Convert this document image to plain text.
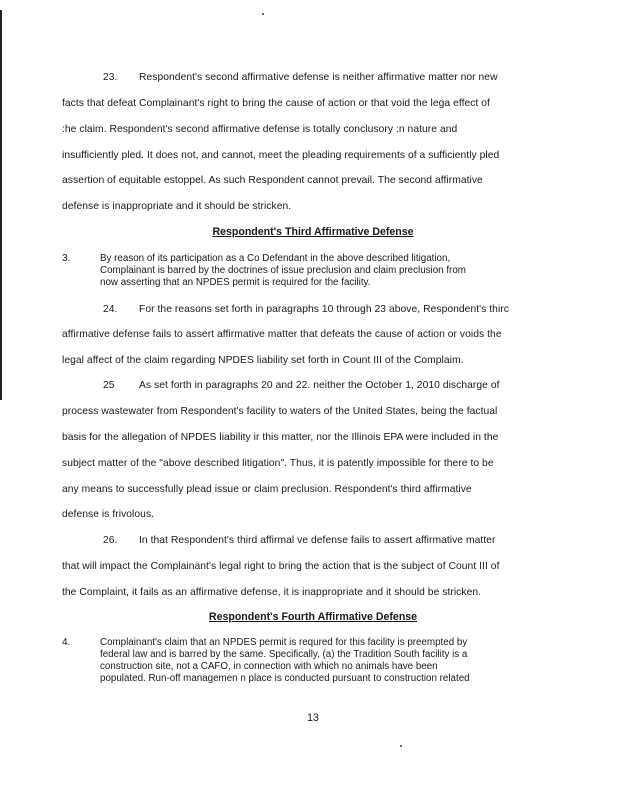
23. Respondent's second affirmative defense is neither affirmative matter nor new
facts that defeat Complainant's right to bring the cause of action or that void the lega effect of
:he claim. Respondent's second affirmative defense is totally conclusory :n nature and
insufficiently pled. It does not, and cannot, meet the pleading requirements of a sufficiently pled
assertion of equitable estoppel. As such Respondent cannot prevail. The second affirmative
defense is inappropriate and it should be stricken.
Respondent's Third Affirmative Defense
3.	By reason of its participation as a Co Defendant in the above described litigation,
Complainant is barred by the doctrines of issue preclusion and claim preclusion from
now asserting that an NPDES permit is required for the facility.
24. For the reasons set forth in paragraphs 10 through 23 above, Respondent's thirc
affirmative defense fails to assert affirmative matter that defeats the cause of action or voids the
legal affect of the claim regarding NPDES liability set forth in Count III of the Complaim.
25 As set forth in paragraphs 20 and 22. neither the October 1, 2010 discharge of
process wastewater from Respondent's facility to waters of the United States, being the factual
basis for the allegation of NPDES liability ir this matter, nor the Illinois EPA were included in the
subject matter of the "above described litigation". Thus, it is patently impossible for there to be
any means to successfully plead issue or claim preclusion. Respondent's third affirmative
defense is frivolous.
26. In that Respondent's third affirmal ve defense fails to assert affirmative matter
that will impact the Complainant's legal right to bring the action that is the subject of Count III of
the Complaint, it fails as an affirmative defense, it is inappropriate and it should be stricken.
Respondent's Fourth Affirmative Defense
4.	Complainant's claim that an NPDES permit is requred for this facility is preempted by
federal law and is barred by the same. Specifically, (a) the Tradition South facility is a
construction site, not a CAFO, in connection with which no animals have been
populated. Run-off managemen n place is conducted pursuant to construction related
13
